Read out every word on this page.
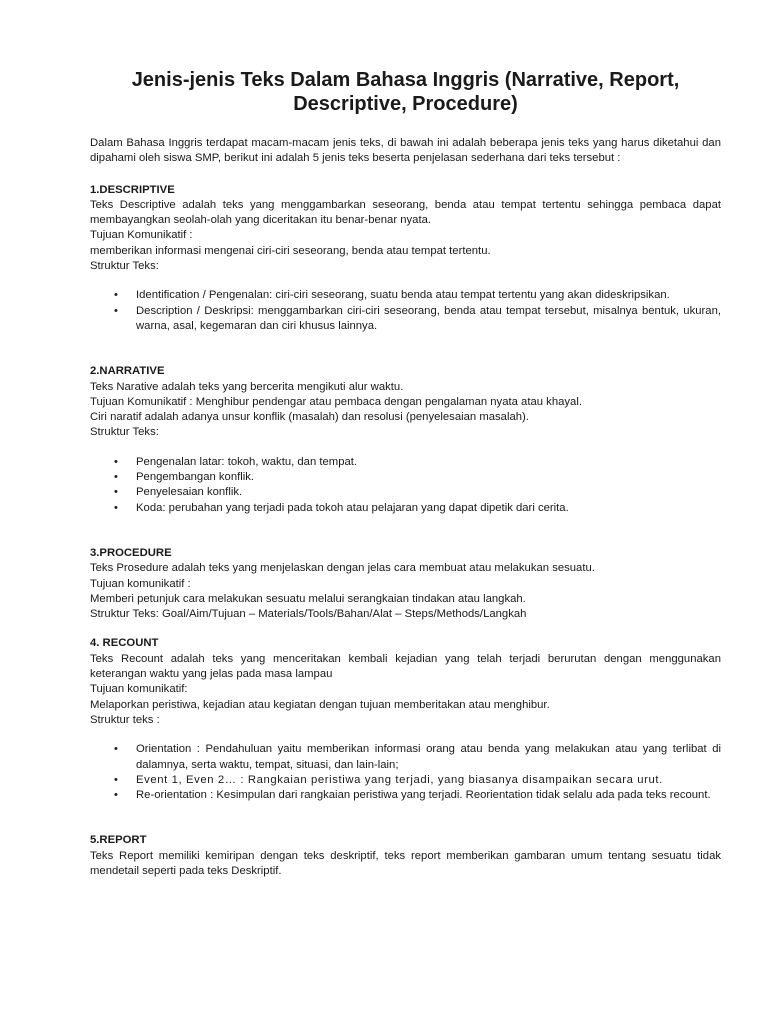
Jenis-jenis Teks Dalam Bahasa Inggris (Narrative, Report, Descriptive, Procedure)

Dalam Bahasa Inggris terdapat macam-macam jenis teks, di bawah ini adalah beberapa jenis teks yang harus diketahui dan dipahami oleh siswa SMP, berikut ini adalah 5 jenis teks beserta penjelasan sederhana dari teks tersebut :

1.DESCRIPTIVE

Teks Descriptive adalah teks yang menggambarkan seseorang, benda atau tempat tertentu sehingga pembaca dapat membayangkan seolah-olah yang diceritakan itu benar-benar nyata.

Tujuan Komunikatif :

memberikan informasi mengenai ciri-ciri seseorang, benda atau tempat tertentu.

Struktur Teks:

• Identification / Pengenalan: ciri-ciri seseorang, suatu benda atau tempat tertentu yang akan dideskripsikan.
• Description / Deskripsi: menggambarkan ciri-ciri seseorang, benda atau tempat tersebut, misalnya bentuk, ukuran, warna, asal, kegemaran dan ciri khusus lainnya.
2.NARRATIVE

Teks Narative adalah teks yang bercerita mengikuti alur waktu.

Tujuan Komunikatif : Menghibur pendengar atau pembaca dengan pengalaman nyata atau khayal.

Ciri naratif adalah adanya unsur konflik (masalah) dan resolusi (penyelesaian masalah).

Struktur Teks:

• Pengenalan latar: tokoh, waktu, dan tempat.
• Pengembangan konflik.
• Penyelesaian konflik.
• Koda: perubahan yang terjadi pada tokoh atau pelajaran yang dapat dipetik dari cerita.
3.PROCEDURE

Teks Prosedure adalah teks yang menjelaskan dengan jelas cara membuat atau melakukan sesuatu.

Tujuan komunikatif :

Memberi petunjuk cara melakukan sesuatu melalui serangkaian tindakan atau langkah.

Struktur Teks: Goal/Aim/Tujuan – Materials/Tools/Bahan/Alat – Steps/Methods/Langkah

4. RECOUNT

Teks Recount adalah teks yang menceritakan kembali kejadian yang telah terjadi berurutan dengan menggunakan keterangan waktu yang jelas pada masa lampau

Tujuan komunikatif:

Melaporkan peristiwa, kejadian atau kegiatan dengan tujuan memberitakan atau menghibur.

Struktur teks :

• Orientation : Pendahuluan yaitu memberikan informasi orang atau benda yang melakukan atau yang terlibat di dalamnya, serta waktu, tempat, situasi, dan lain-lain;
• Event 1, Even 2… : Rangkaian peristiwa yang terjadi, yang biasanya disampaikan secara urut.
• Re-orientation : Kesimpulan dari rangkaian peristiwa yang terjadi. Reorientation tidak selalu ada pada teks recount.
5.REPORT

Teks Report memiliki kemiripan dengan teks deskriptif, teks report memberikan gambaran umum tentang sesuatu tidak mendetail seperti pada teks Deskriptif.
